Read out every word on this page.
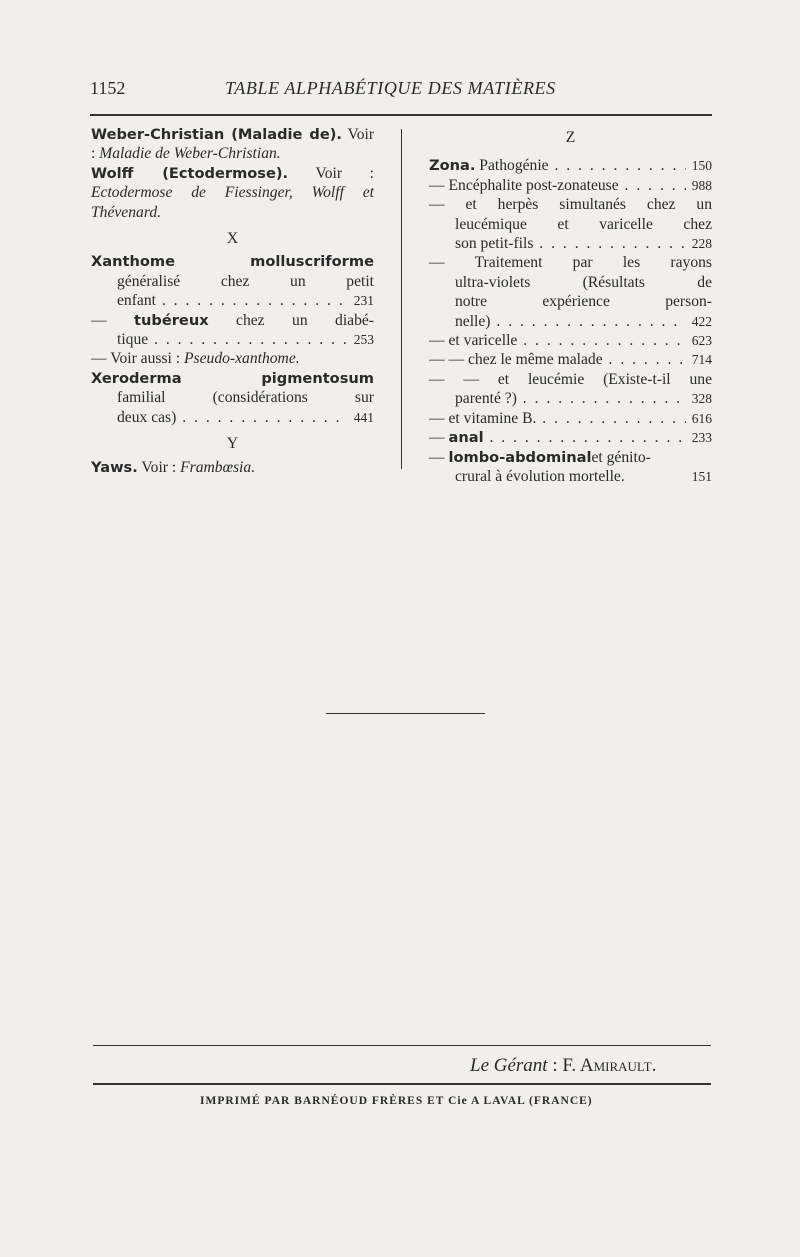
1152	TABLE ALPHABÉTIQUE DES MATIÈRES
Weber-Christian (Maladie de). Voir : Maladie de Weber-Christian.
Wolff (Ectodermose). Voir : Ectodermose de Fiessinger, Wolff et Thévenard.
X
Xanthome molluscriforme
généralisé chez un petit
enfant . . .	231
— tubéreux chez un diabé-
tique . . .	253
— Voir aussi : Pseudo-xanthome.
Xeroderma pigmentosum
familial (considérations sur
deux cas) . . .	441
Y
Yaws. Voir : Frambœsia.
Z
Zona. Pathogénie . . .	150
— Encéphalite post-zonateuse . . .	988
— et herpès simultanés chez un
leucémique et varicelle chez
son petit-fils . . .	228
— Traitement par les rayons
ultra-violets (Résultats de
notre expérience person-
nelle) . . .	422
— et varicelle . . .	623
— — chez le même malade . . .	714
— — et leucémie (Existe-t-il une
parenté ?) . . .	328
— et vitamine B. . . .	616
— anal . . .	233
— lombo-abdominalet génito-
crural à évolution mortelle.	151
Le Gérant : F. Amirault.
IMPRIMÉ PAR BARNÉOUD FRÈRES ET Cie A LAVAL (FRANCE)
